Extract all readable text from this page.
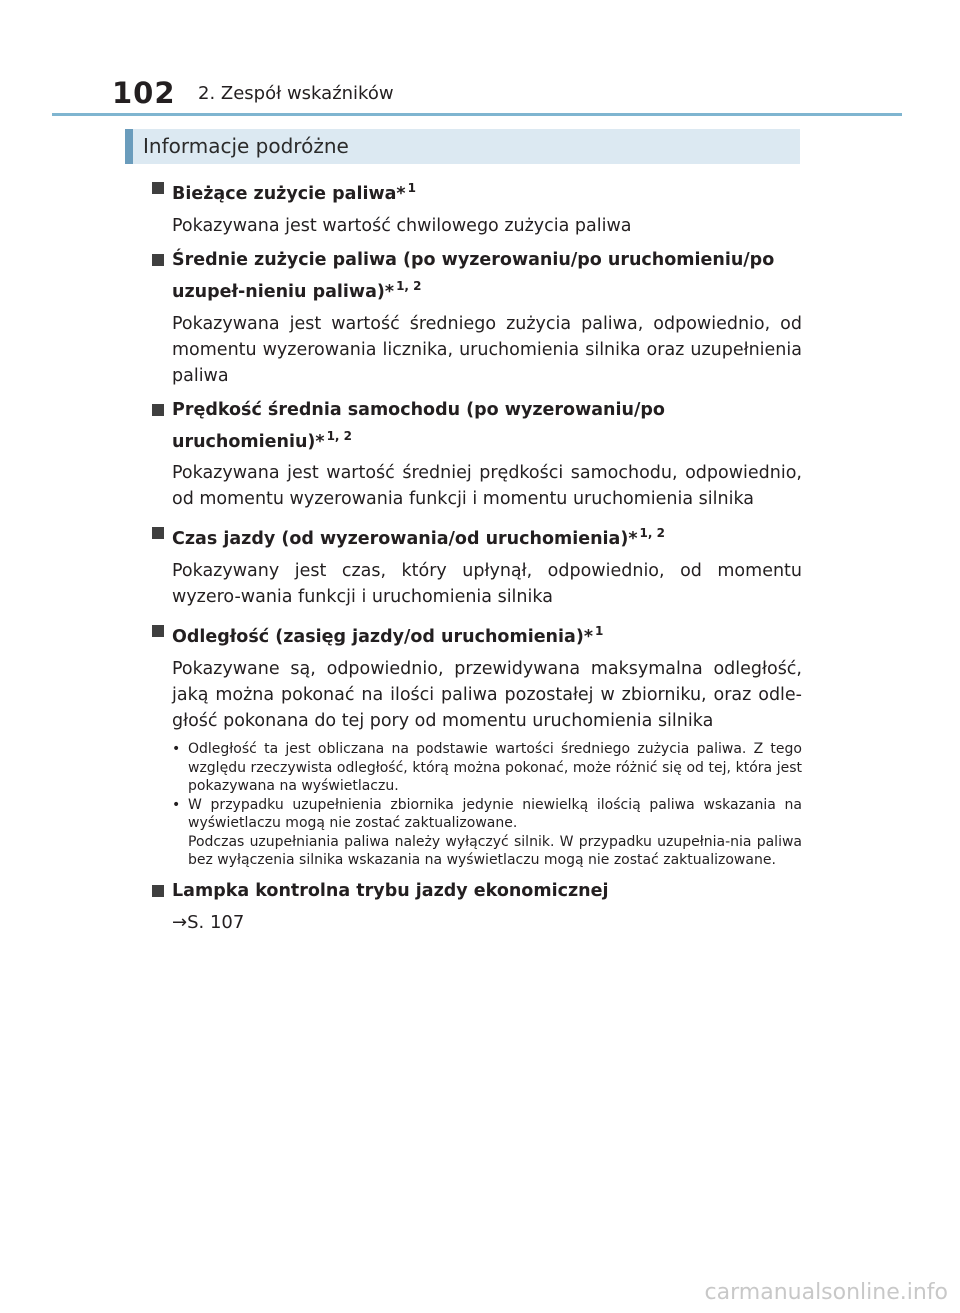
102 2. Zespół wskaźników
Informacje podróżne
Bieżące zużycie paliwa* $^1$
Pokazywana jest wartość chwilowego zużycia paliwa
Średnie zużycie paliwa (po wyzerowaniu/po uruchomieniu/po uzupeł-nieniu paliwa)* $^{1, 2}$
Pokazywana jest wartość średniego zużycia paliwa, odpowiednio, od momentu wyzerowania licznika, uruchomienia silnika oraz uzupełnienia paliwa
Prędkość średnia samochodu (po wyzerowaniu/po uruchomieniu)* $^{1, 2}$
Pokazywana jest wartość średniej prędkości samochodu, odpowiednio, od momentu wyzerowania funkcji i momentu uruchomienia silnika
Czas jazdy (od wyzerowania/od uruchomienia)* $^{1, 2}$
Pokazywany jest czas, który upłynął, odpowiednio, od momentu wyzero-wania funkcji i uruchomienia silnika
Odległość (zasięg jazdy/od uruchomienia)* $^1$
Pokazywane są, odpowiednio, przewidywana maksymalna odległość, jaką można pokonać na ilości paliwa pozostałej w zbiorniku, oraz odle-głość pokonana do tej pory od momentu uruchomienia silnika
• Odległość ta jest obliczana na podstawie wartości średniego zużycia paliwa. Z tego względu rzeczywista odległość, którą można pokonać, może różnić się od tej, która jest pokazywana na wyświetlaczu.
• W przypadku uzupełnienia zbiornika jedynie niewielką ilością paliwa wskazania na wyświetlaczu mogą nie zostać zaktualizowane.
Podczas uzupełniania paliwa należy wyłączyć silnik. W przypadku uzupełnia-nia paliwa bez wyłączenia silnika wskazania na wyświetlaczu mogą nie zostać zaktualizowane.
Lampka kontrolna trybu jazdy ekonomicznej
→S. 107
carmanualsonline.info
